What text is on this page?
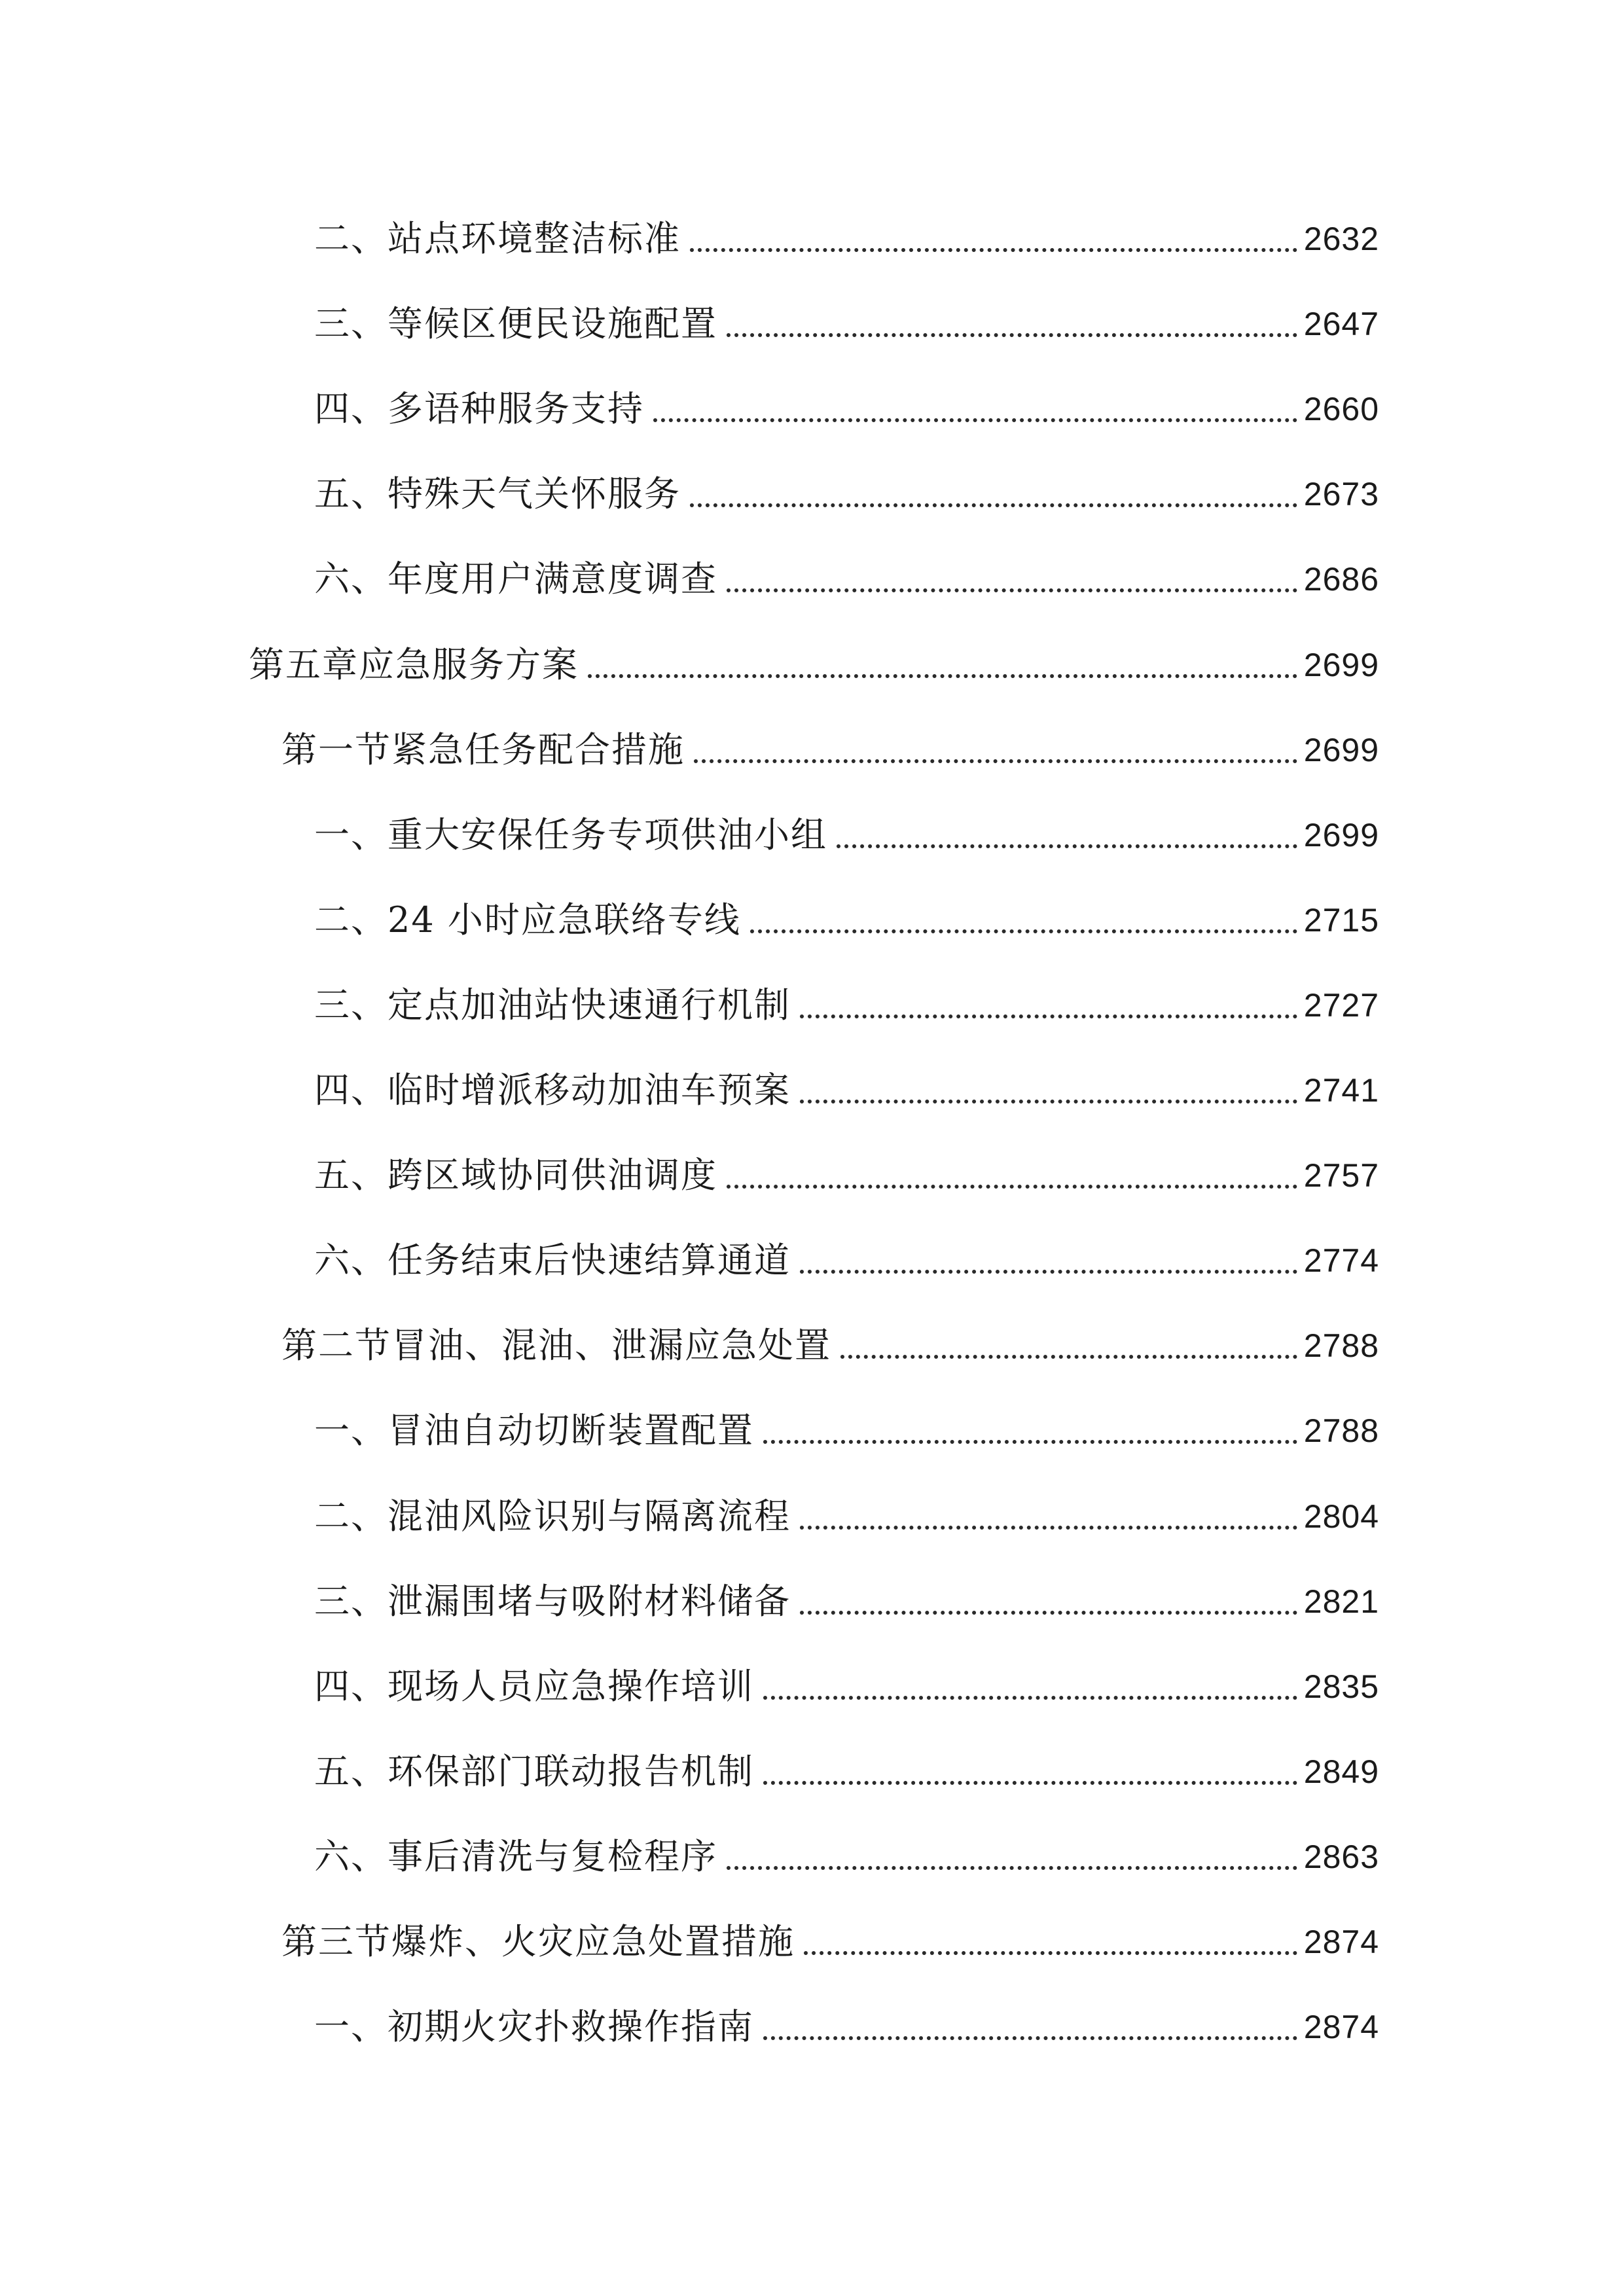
二、站点环境整洁标准	2632
三、等候区便民设施配置	2647
四、多语种服务支持	2660
五、特殊天气关怀服务	2673
六、年度用户满意度调查	2686
第五章应急服务方案	2699
第一节紧急任务配合措施	2699
一、重大安保任务专项供油小组	2699
二、24 小时应急联络专线	2715
三、定点加油站快速通行机制	2727
四、临时增派移动加油车预案	2741
五、跨区域协同供油调度	2757
六、任务结束后快速结算通道	2774
第二节冒油、混油、泄漏应急处置	2788
一、冒油自动切断装置配置	2788
二、混油风险识别与隔离流程	2804
三、泄漏围堵与吸附材料储备	2821
四、现场人员应急操作培训	2835
五、环保部门联动报告机制	2849
六、事后清洗与复检程序	2863
第三节爆炸、火灾应急处置措施	2874
一、初期火灾扑救操作指南	2874
